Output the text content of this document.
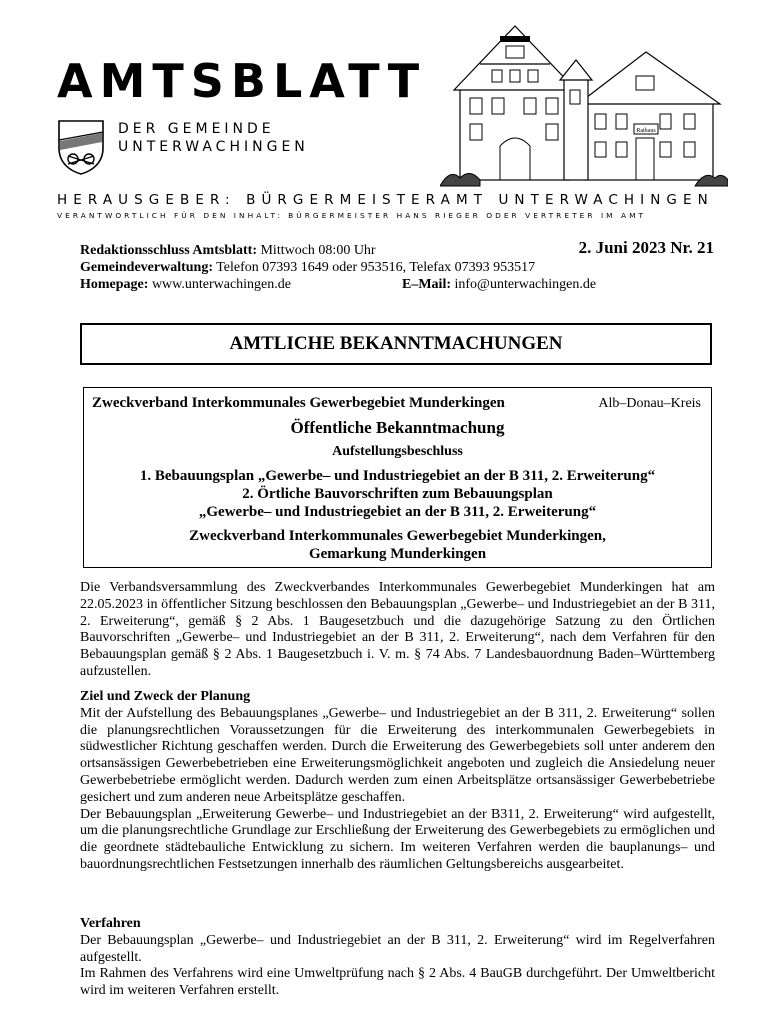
AMTSBLATT
DER GEMEINDE
UNTERWACHINGEN
Rathaus
HERAUSGEBER: BÜRGERMEISTERAMT UNTERWACHINGEN
VERANTWORTLICH FÜR DEN INHALT: BÜRGERMEISTER HANS RIEGER ODER VERTRETER IM AMT
Redaktionsschluss Amtsblatt: Mittwoch 08:00 Uhr	2. Juni 2023 Nr. 21
Gemeindeverwaltung: Telefon 07393 1649 oder 953516, Telefax 07393 953517
Homepage: www.unterwachingen.de	E–Mail: info@unterwachingen.de
AMTLICHE BEKANNTMACHUNGEN
Zweckverband Interkommunales Gewerbegebiet Munderkingen	Alb–Donau–Kreis
Öffentliche Bekanntmachung
Aufstellungsbeschluss
1. Bebauungsplan „Gewerbe– und Industriegebiet an der B 311, 2. Erweiterung“
2. Örtliche Bauvorschriften zum Bebauungsplan
„Gewerbe– und Industriegebiet an der B 311, 2. Erweiterung“
Zweckverband Interkommunales Gewerbegebiet Munderkingen,
Gemarkung Munderkingen

Die Verbandsversammlung des Zweckverbandes Interkommunales Gewerbegebiet Munderkingen hat am 22.05.2023 in öffentlicher Sitzung beschlossen den Bebauungsplan „Gewerbe– und Industriegebiet an der B 311, 2. Erweiterung“, gemäß § 2 Abs. 1 Baugesetzbuch und die dazugehörige Satzung zu den Örtlichen Bauvorschriften „Gewerbe– und Industriegebiet an der B 311, 2. Erweiterung“, nach dem Verfahren für den Bebauungsplan gemäß § 2 Abs. 1 Baugesetzbuch i. V. m. § 74 Abs. 7 Landesbauordnung Baden–Württemberg aufzustellen.

Ziel und Zweck der Planung

Mit der Aufstellung des Bebauungsplanes „Gewerbe– und Industriegebiet an der B 311, 2. Erweiterung“ sollen die planungsrechtlichen Voraussetzungen für die Erweiterung des interkommunalen Gewerbegebiets in südwestlicher Richtung geschaffen werden. Durch die Erweiterung des Gewerbegebiets soll unter anderem den ortsansässigen Gewerbebetrieben eine Erweiterungsmöglichkeit angeboten und zugleich die Ansiedelung neuer Gewerbebetriebe ermöglicht werden. Dadurch werden zum einen Arbeitsplätze ortsansässiger Gewerbebetriebe gesichert und zum anderen neue Arbeitsplätze geschaffen.

Der Bebauungsplan „Erweiterung Gewerbe– und Industriegebiet an der B311, 2. Erweiterung“ wird aufgestellt, um die planungsrechtliche Grundlage zur Erschließung der Erweiterung des Gewerbegebiets zu ermöglichen und die geordnete städtebauliche Entwicklung zu sichern. Im weiteren Verfahren werden die bauplanungs– und bauordnungsrechtlichen Festsetzungen innerhalb des räumlichen Geltungsbereichs ausgearbeitet.

Verfahren

Der Bebauungsplan „Gewerbe– und Industriegebiet an der B 311, 2. Erweiterung“ wird im Regelverfahren aufgestellt.

Im Rahmen des Verfahrens wird eine Umweltprüfung nach § 2 Abs. 4 BauGB durchgeführt. Der Umweltbericht wird im weiteren Verfahren erstellt.
